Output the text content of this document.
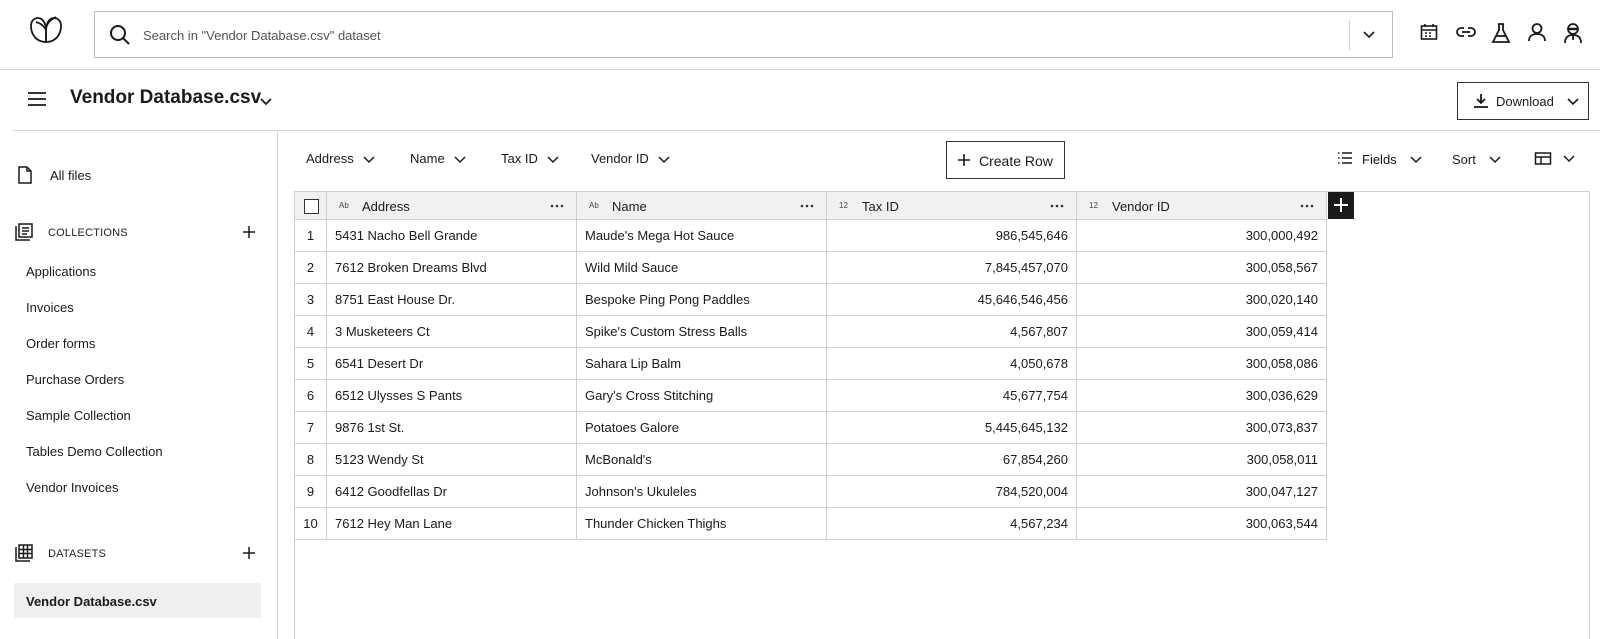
Search in "Vendor Database.csv" dataset
Vendor Database.csv	Download
All files
COLLECTIONS
Applications
Invoices
Order forms
Purchase Orders
Sample Collection
Tables Demo Collection
Vendor Invoices
DATASETS
Vendor Database.csv
Address	Name	Tax ID	Vendor ID	Create Row	Fields	Sort
Ab Address	Ab Name	12 Tax ID	12 Vendor ID
1	5431 Nacho Bell Grande	Maude's Mega Hot Sauce	986,545,646	300,000,492
2	7612 Broken Dreams Blvd	Wild Mild Sauce	7,845,457,070	300,058,567
3	8751 East House Dr.	Bespoke Ping Pong Paddles	45,646,546,456	300,020,140
4	3 Musketeers Ct	Spike's Custom Stress Balls	4,567,807	300,059,414
5	6541 Desert Dr	Sahara Lip Balm	4,050,678	300,058,086
6	6512 Ulysses S Pants	Gary's Cross Stitching	45,677,754	300,036,629
7	9876 1st St.	Potatoes Galore	5,445,645,132	300,073,837
8	5123 Wendy St	McBonald's	67,854,260	300,058,011
9	6412 Goodfellas Dr	Johnson's Ukuleles	784,520,004	300,047,127
10	7612 Hey Man Lane	Thunder Chicken Thighs	4,567,234	300,063,544
